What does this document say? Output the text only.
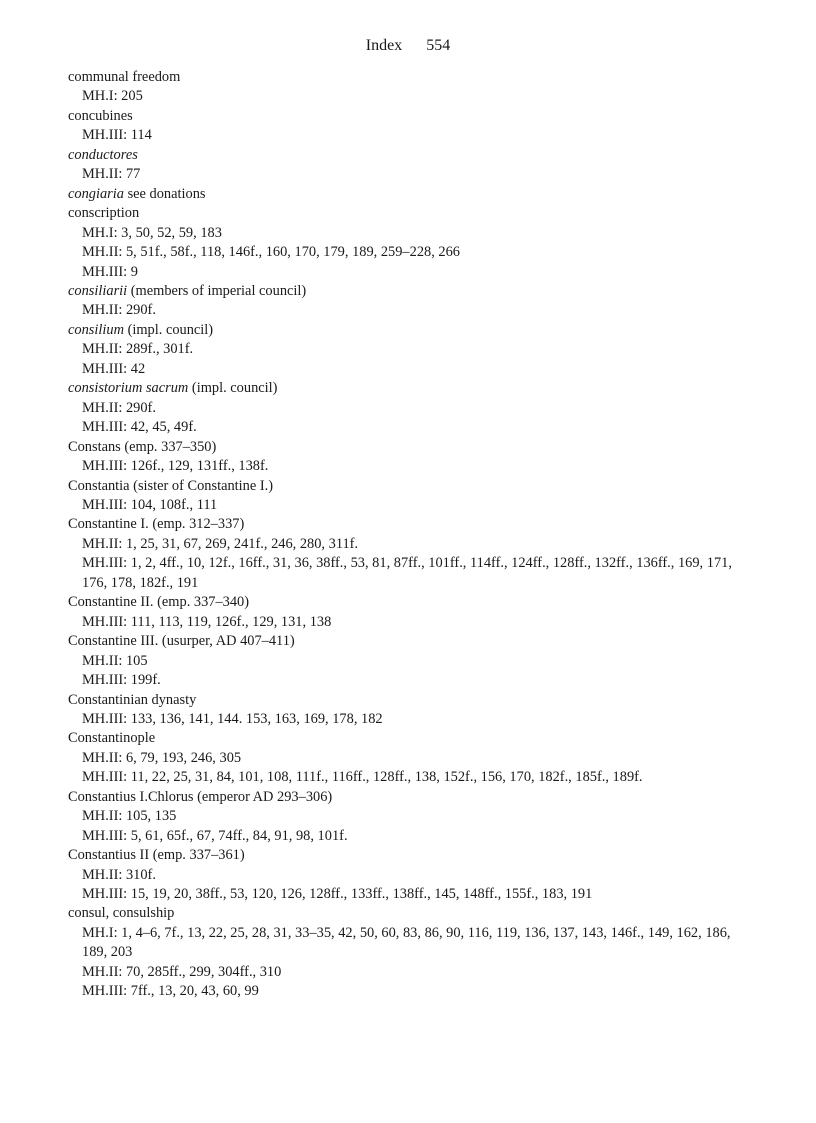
Index 554
communal freedom
MH.I: 205
concubines
MH.III: 114
conductores
MH.II: 77
congiaria see donations
conscription
MH.I: 3, 50, 52, 59, 183
MH.II: 5, 51f., 58f., 118, 146f., 160, 170, 179, 189, 259–228, 266
MH.III: 9
consiliarii (members of imperial council)
MH.II: 290f.
consilium (impl. council)
MH.II: 289f., 301f.
MH.III: 42
consistorium sacrum (impl. council)
MH.II: 290f.
MH.III: 42, 45, 49f.
Constans (emp. 337–350)
MH.III: 126f., 129, 131ff., 138f.
Constantia (sister of Constantine I.)
MH.III: 104, 108f., 111
Constantine I. (emp. 312–337)
MH.II: 1, 25, 31, 67, 269, 241f., 246, 280, 311f.
MH.III: 1, 2, 4ff., 10, 12f., 16ff., 31, 36, 38ff., 53, 81, 87ff., 101ff., 114ff., 124ff., 128ff., 132ff., 136ff., 169, 171, 176, 178, 182f., 191
Constantine II. (emp. 337–340)
MH.III: 111, 113, 119, 126f., 129, 131, 138
Constantine III. (usurper, AD 407–411)
MH.II: 105
MH.III: 199f.
Constantinian dynasty
MH.III: 133, 136, 141, 144. 153, 163, 169, 178, 182
Constantinople
MH.II: 6, 79, 193, 246, 305
MH.III: 11, 22, 25, 31, 84, 101, 108, 111f., 116ff., 128ff., 138, 152f., 156, 170, 182f., 185f., 189f.
Constantius I.Chlorus (emperor AD 293–306)
MH.II: 105, 135
MH.III: 5, 61, 65f., 67, 74ff., 84, 91, 98, 101f.
Constantius II (emp. 337–361)
MH.II: 310f.
MH.III: 15, 19, 20, 38ff., 53, 120, 126, 128ff., 133ff., 138ff., 145, 148ff., 155f., 183, 191
consul, consulship
MH.I: 1, 4–6, 7f., 13, 22, 25, 28, 31, 33–35, 42, 50, 60, 83, 86, 90, 116, 119, 136, 137, 143, 146f., 149, 162, 186, 189, 203
MH.II: 70, 285ff., 299, 304ff., 310
MH.III: 7ff., 13, 20, 43, 60, 99
